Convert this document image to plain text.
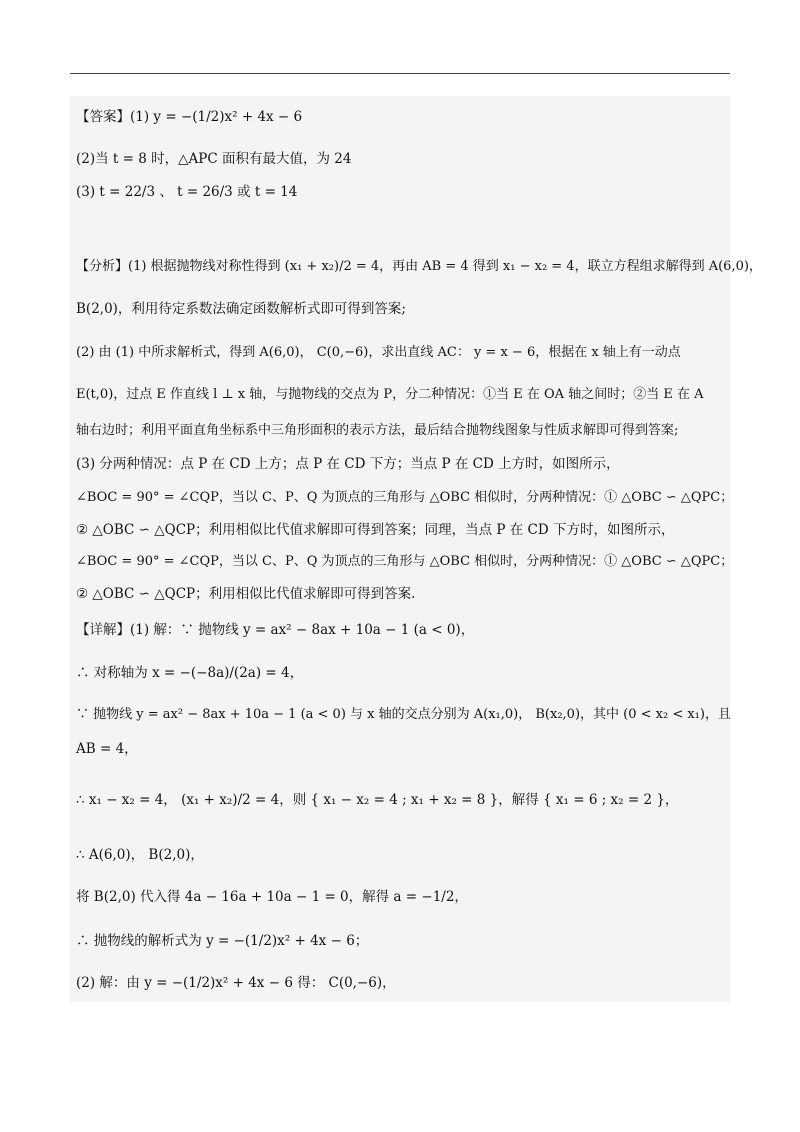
【答案】(1) y = −(1/2)x² + 4x − 6
(2)当 t = 8 时，△APC 面积有最大值，为 24
(3) t = 22/3 、 t = 26/3 或 t = 14
【分析】(1) 根据抛物线对称性得到 (x₁ + x₂)/2 = 4，再由 AB = 4 得到 x₁ − x₂ = 4，联立方程组求解得到 A(6,0)，
B(2,0)，利用待定系数法确定函数解析式即可得到答案;
(2) 由 (1) 中所求解析式，得到 A(6,0)， C(0,−6)，求出直线 AC： y = x − 6，根据在 x 轴上有一动点
E(t,0)，过点 E 作直线 l ⊥ x 轴，与抛物线的交点为 P，分二种情况：①当 E 在 OA 轴之间时；②当 E 在 A
轴右边时；利用平面直角坐标系中三角形面积的表示方法，最后结合抛物线图象与性质求解即可得到答案;
(3) 分两种情况：点 P 在 CD 上方；点 P 在 CD 下方；当点 P 在 CD 上方时，如图所示，
∠BOC = 90° = ∠CQP，当以 C、P、Q 为顶点的三角形与 △OBC 相似时，分两种情况：① △OBC ∽ △QPC；
② △OBC ∽ △QCP；利用相似比代值求解即可得到答案；同理，当点 P 在 CD 下方时，如图所示，
∠BOC = 90° = ∠CQP，当以 C、P、Q 为顶点的三角形与 △OBC 相似时，分两种情况：① △OBC ∽ △QPC；
② △OBC ∽ △QCP；利用相似比代值求解即可得到答案.
【详解】(1) 解：∵ 抛物线 y = ax² − 8ax + 10a − 1 (a < 0)，
∴ 对称轴为 x = −(−8a)/(2a) = 4，
∵ 抛物线 y = ax² − 8ax + 10a − 1 (a < 0) 与 x 轴的交点分别为 A(x₁,0)， B(x₂,0)，其中 (0 < x₂ < x₁)，且
AB = 4，
∴ x₁ − x₂ = 4， (x₁ + x₂)/2 = 4，则 { x₁ − x₂ = 4 ; x₁ + x₂ = 8 }，解得 { x₁ = 6 ; x₂ = 2 }，
∴ A(6,0)， B(2,0)，
将 B(2,0) 代入得 4a − 16a + 10a − 1 = 0，解得 a = −1/2，
∴ 抛物线的解析式为 y = −(1/2)x² + 4x − 6；
(2) 解：由 y = −(1/2)x² + 4x − 6 得： C(0,−6)，
